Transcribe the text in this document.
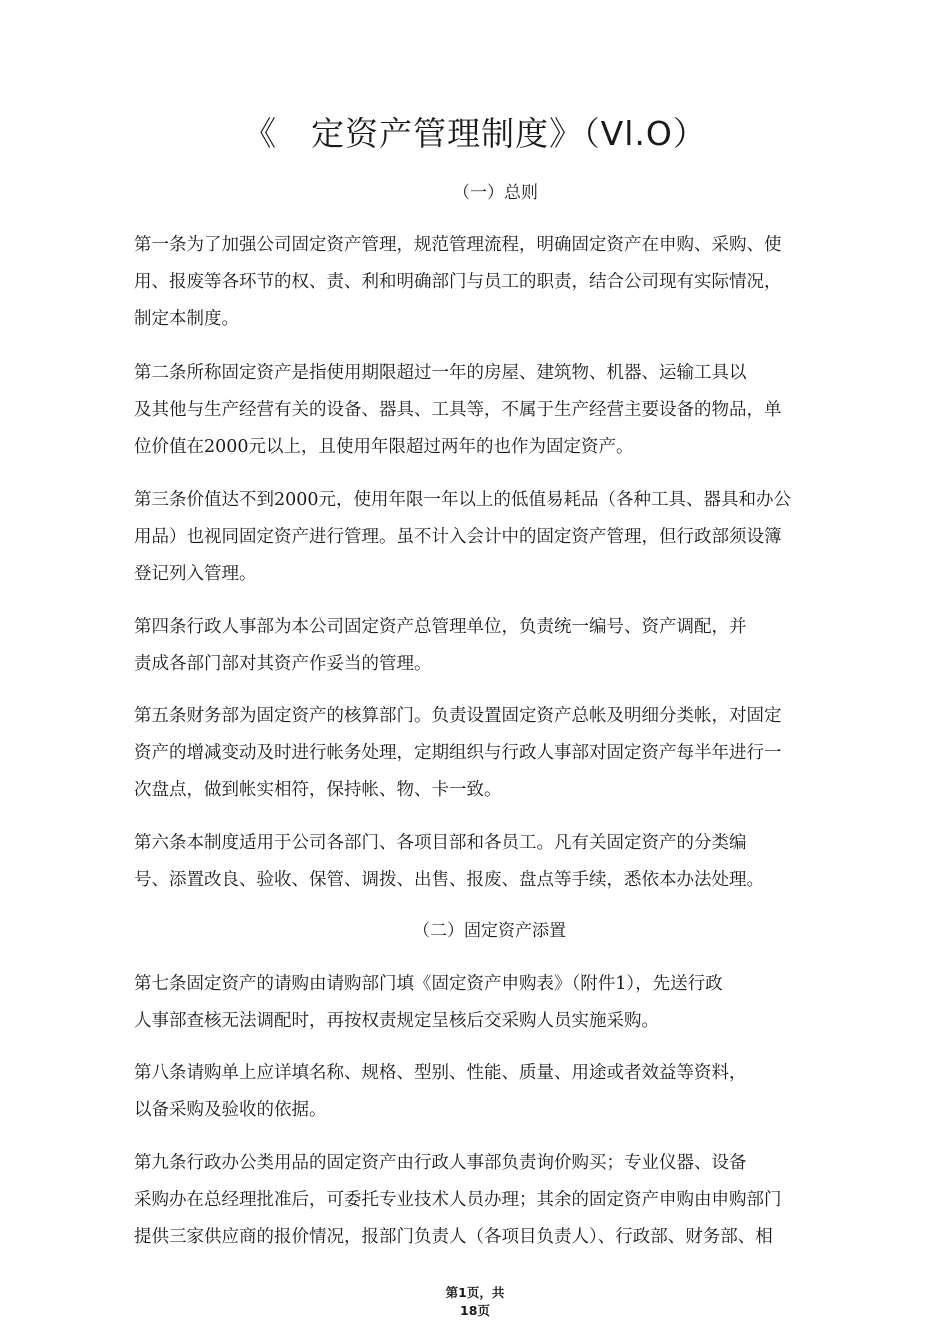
《　定资产管理制度》（Vl.O）
（一）总则

第一条为了加强公司固定资产管理，规范管理流程，明确固定资产在申购、采购、使
用、报废等各环节的权、责、利和明确部门与员工的职责，结合公司现有实际情况，
制定本制度。

第二条所称固定资产是指使用期限超过一年的房屋、建筑物、机器、运输工具以
及其他与生产经营有关的设备、器具、工具等，不属于生产经营主要设备的物品，单
位价值在2000元以上，且使用年限超过两年的也作为固定资产。

第三条价值达不到2000元，使用年限一年以上的低值易耗品（各种工具、器具和办公
用品）也视同固定资产进行管理。虽不计入会计中的固定资产管理，但行政部须设簿
登记列入管理。

第四条行政人事部为本公司固定资产总管理单位，负责统一编号、资产调配，并
责成各部门部对其资产作妥当的管理。

第五条财务部为固定资产的核算部门。负责设置固定资产总帐及明细分类帐，对固定
资产的增减变动及时进行帐务处理，定期组织与行政人事部对固定资产每半年进行一
次盘点，做到帐实相符，保持帐、物、卡一致。

第六条本制度适用于公司各部门、各项目部和各员工。凡有关固定资产的分类编
号、添置改良、验收、保管、调拨、出售、报废、盘点等手续，悉依本办法处理。

（二）固定资产添置

第七条固定资产的请购由请购部门填《固定资产申购表》（附件1），先送行政
人事部查核无法调配时，再按权责规定呈核后交采购人员实施采购。

第八条请购单上应详填名称、规格、型别、性能、质量、用途或者效益等资料，
以备采购及验收的依据。

第九条行政办公类用品的固定资产由行政人事部负责询价购买；专业仪器、设备
采购办在总经理批准后，可委托专业技术人员办理；其余的固定资产申购由申购部门
提供三家供应商的报价情况，报部门负责人（各项目负责人）、行政部、财务部、相

第1页，共
18页
